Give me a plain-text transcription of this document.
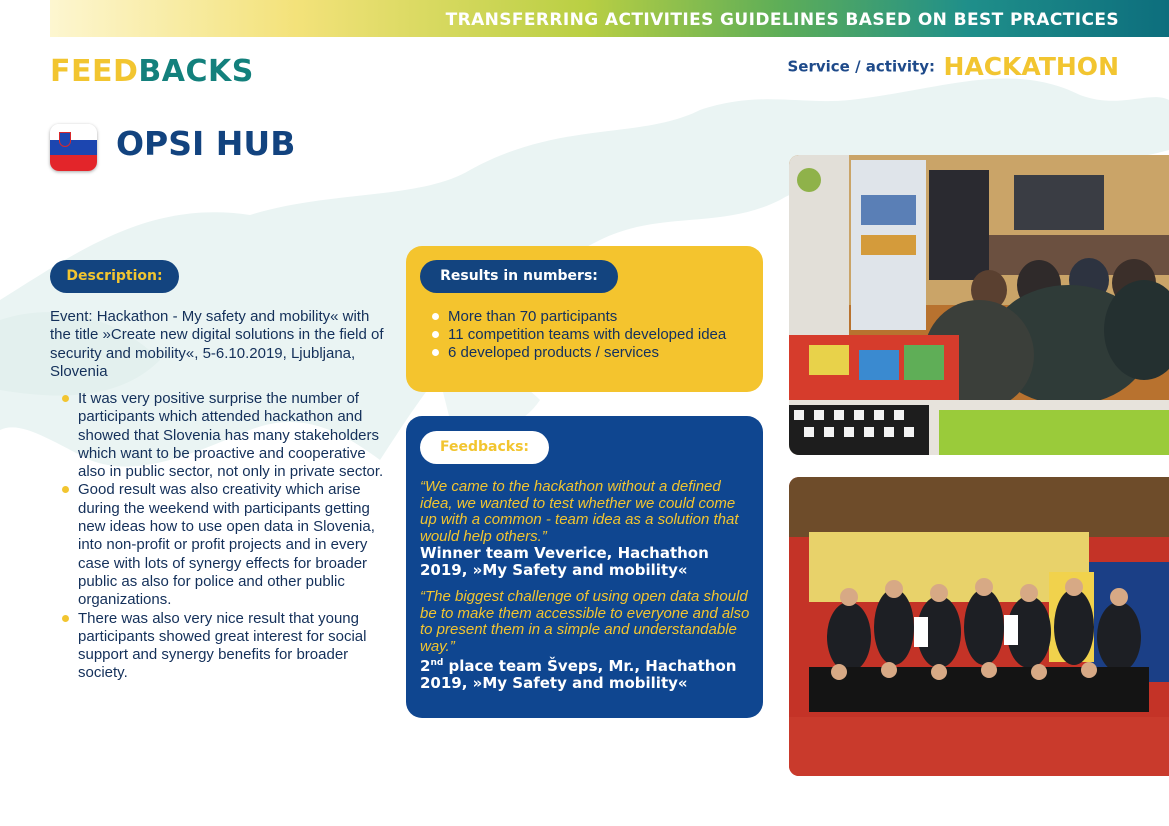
TRANSFERRING ACTIVITIES GUIDELINES BASED ON BEST PRACTICES
FEEDBACKS	Service / activity: HACKATHON
OPSI HUB
Description:
Event: Hackathon - My safety and mobility« with the title »Create new digital solutions in the field of security and mobility«, 5-6.10.2019, Ljubljana, Slovenia
It was very positive surprise the number of participants which attended hackathon and showed that Slovenia has many stakeholders which want to be proactive and cooperative also in public sector, not only in private sector.
Good result was also creativity which arise during the weekend with participants getting new ideas how to use open data in Slovenia, into non-profit or profit projects and in every case with lots of synergy effects for broader public as also for police and other public organizations.
There was also very nice result that young participants showed great interest for social support and synergy benefits for broader society.
Results in numbers:
More than 70 participants
11 competition teams with developed idea
6 developed products / services
Feedbacks:
“We came to the hackathon without a defined idea, we wanted to test whether we could come up with a common - team idea as a solution that would help others.”
Winner team Veverice, Hachathon 2019, »My Safety and mobility«
“The biggest challenge of using open data should be to make them accessible to everyone and also to present them in a simple and understandable way.”
2nd place team Šveps, Mr., Hachathon 2019, »My Safety and mobility«
